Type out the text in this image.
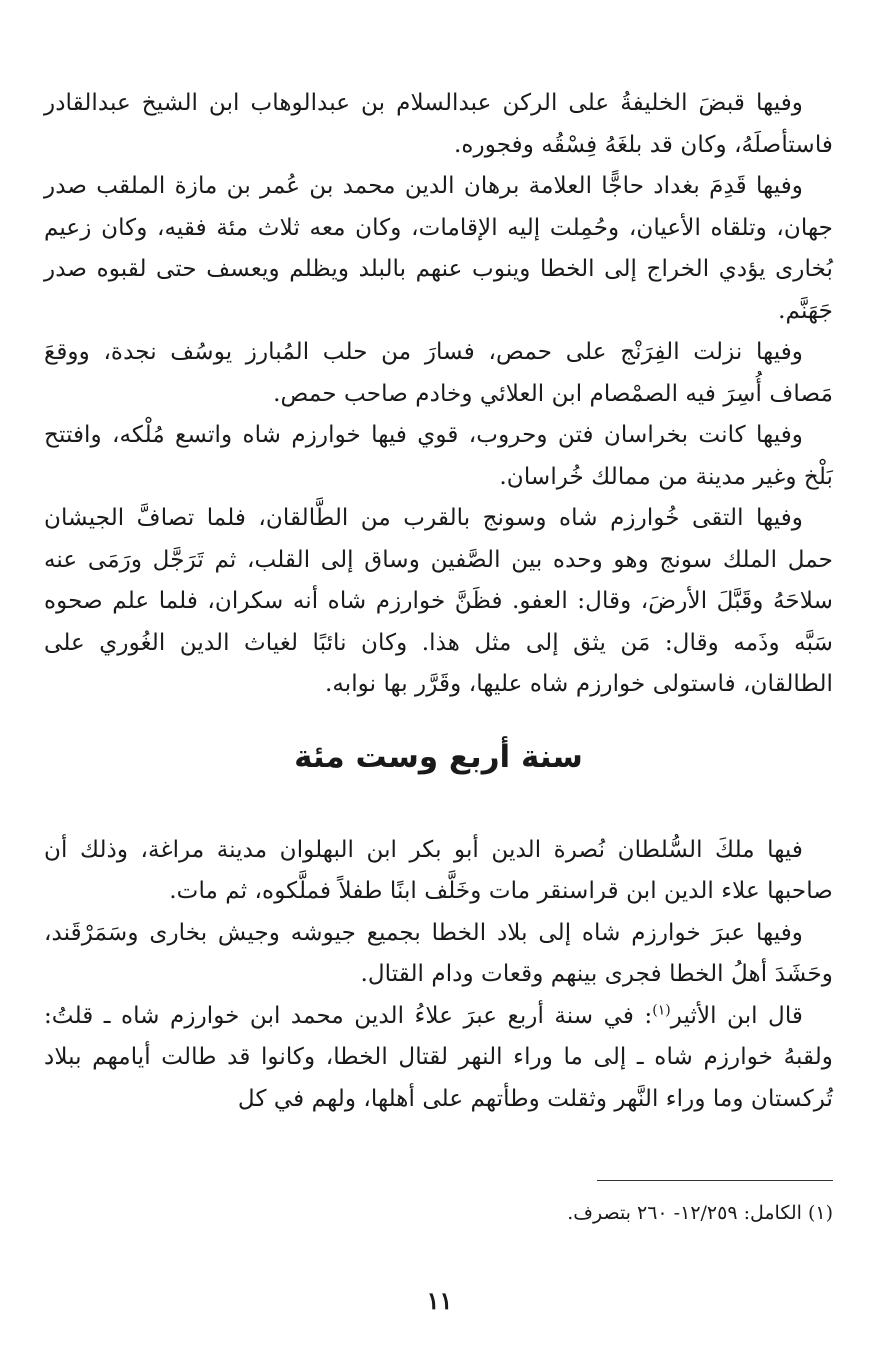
وفيها قبضَ الخليفةُ على الركن عبدالسلام بن عبدالوهاب ابن الشيخ عبدالقادر فاستأصلَهُ، وكان قد بلغَهُ فِسْقُه وفجوره.

وفيها قَدِمَ بغداد حاجًّا العلامة برهان الدين محمد بن عُمر بن مازة الملقب صدر جهان، وتلقاه الأعيان، وحُمِلت إليه الإقامات، وكان معه ثلاث مئة فقيه، وكان زعيم بُخارى يؤدي الخراج إلى الخطا وينوب عنهم بالبلد ويظلم ويعسف حتى لقبوه صدر جَهَنَّم.

وفيها نزلت الفِرَنْج على حمص، فسارَ من حلب المُبارز يوسُف نجدة، ووقعَ مَصاف أُسِرَ فيه الصمْصام ابن العلائي وخادم صاحب حمص.

وفيها كانت بخراسان فتن وحروب، قوي فيها خوارزم شاه واتسع مُلْكه، وافتتح بَلْخ وغير مدينة من ممالك خُراسان.

وفيها التقى خُوارزم شاه وسونج بالقرب من الطَّالقان، فلما تصافَّ الجيشان حمل الملك سونج وهو وحده بين الصَّفين وساق إلى القلب، ثم تَرَجَّل ورَمَى عنه سلاحَهُ وقَبَّلَ الأرضَ، وقال: العفو. فظَنَّ خوارزم شاه أنه سكران، فلما علم صحوه سَبَّه وذَمه وقال: مَن يثق إلى مثل هذا. وكان نائبًا لغياث الدين الغُوري على الطالقان، فاستولى خوارزم شاه عليها، وقَرَّر بها نوابه.

سنة أربع وست مئة

فيها ملكَ السُّلطان نُصرة الدين أبو بكر ابن البهلوان مدينة مراغة، وذلك أن صاحبها علاء الدين ابن قراسنقر مات وخَلَّف ابنًا طفلاً فملَّكوه، ثم مات.

وفيها عبرَ خوارزم شاه إلى بلاد الخطا بجميع جيوشه وجيش بخارى وسَمَرْقَند، وحَشَدَ أهلُ الخطا فجرى بينهم وقعات ودام القتال.

قال ابن الأثير$^{(١)}$: في سنة أربع عبرَ علاءُ الدين محمد ابن خوارزم شاه ـ قلتُ: ولقبهُ خوارزم شاه ـ إلى ما وراء النهر لقتال الخطا، وكانوا قد طالت أيامهم ببلاد تُركستان وما وراء النَّهر وثقلت وطأتهم على أهلها، ولهم في كل

(١) الكامل: ١٢/٢٥٩- ٢٦٠ بتصرف.

١١
